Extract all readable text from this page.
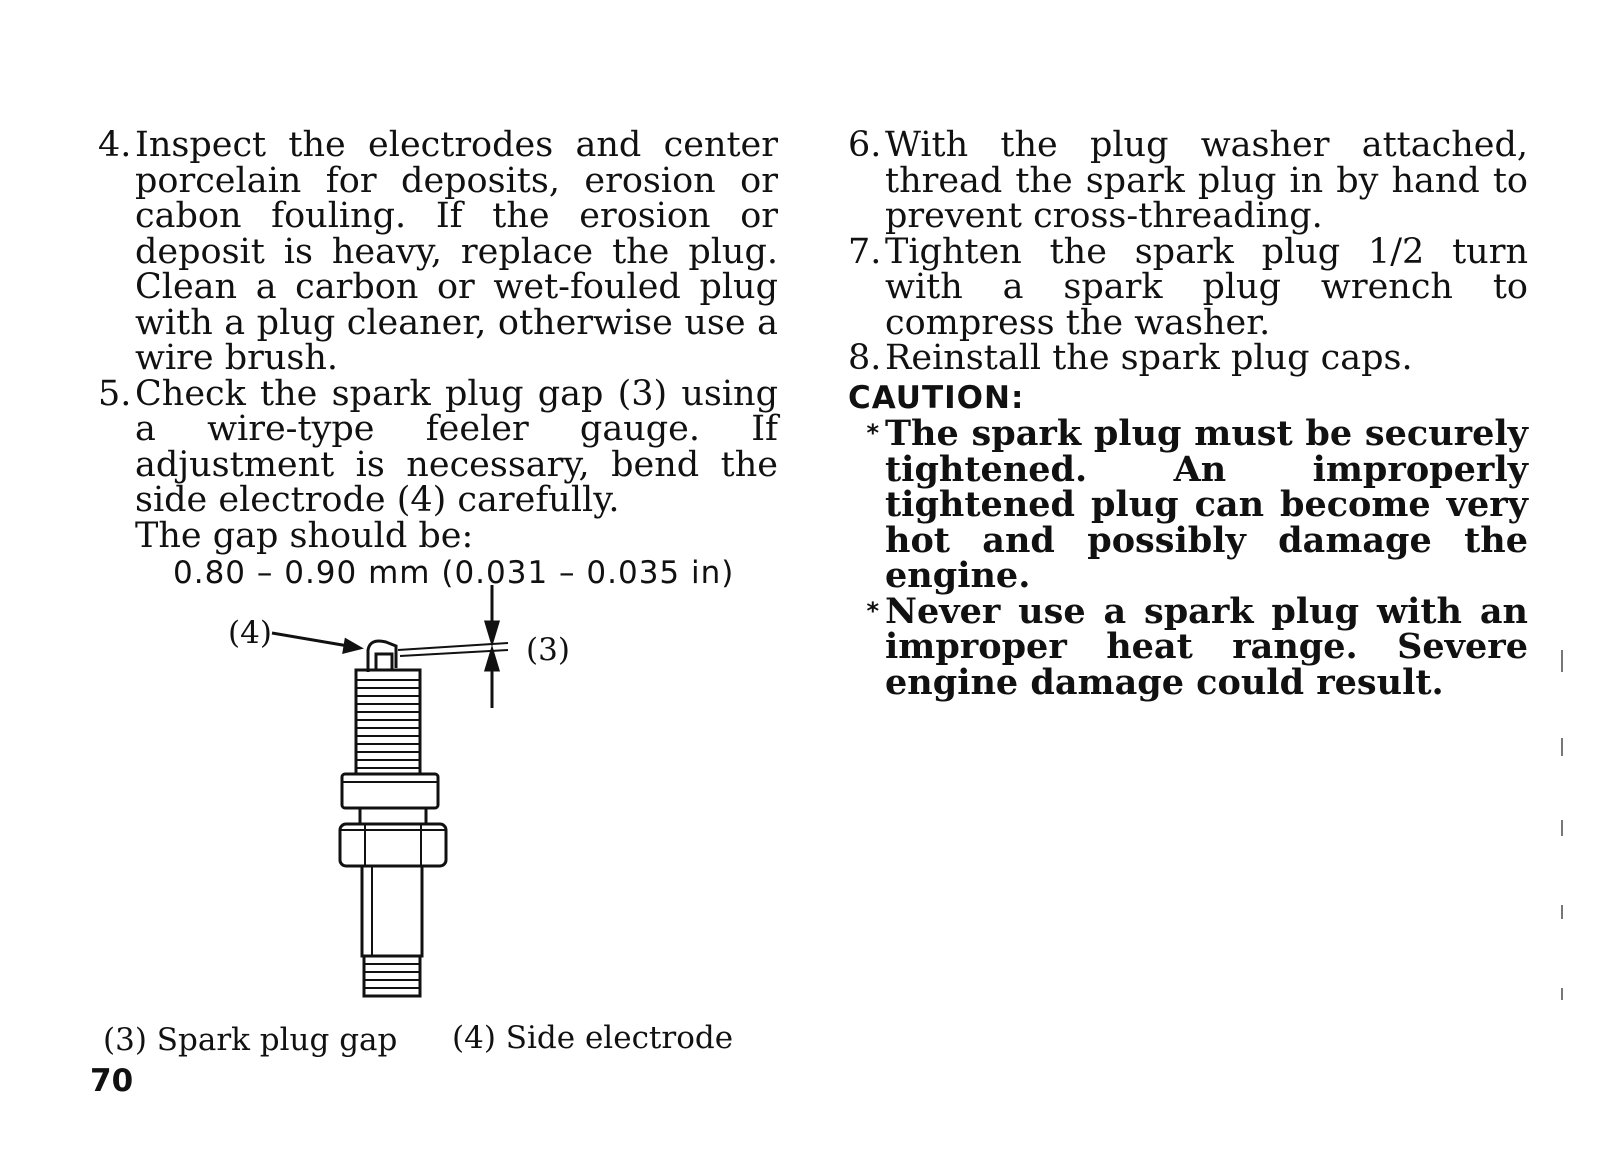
4. Inspect the electrodes and center porcelain for deposits, erosion or cabon fouling. If the erosion or deposit is heavy, replace the plug. Clean a carbon or wet-fouled plug with a plug cleaner, otherwise use a wire brush.
5. Check the spark plug gap (3) using a wire-type feeler gauge. If adjustment is necessary, bend the side electrode (4) carefully.
The gap should be:
0.80 – 0.90 mm (0.031 – 0.035 in)
(4)	(3)
(3) Spark plug gap (4) Side electrode
70
6. With the plug washer attached, thread the spark plug in by hand to prevent cross-threading.
7. Tighten the spark plug 1/2 turn with a spark plug wrench to compress the washer.
8. Reinstall the spark plug caps.
CAUTION:
* The spark plug must be securely tightened. An improperly tightened plug can become very hot and possibly damage the engine.
* Never use a spark plug with an improper heat range. Severe engine damage could result.
